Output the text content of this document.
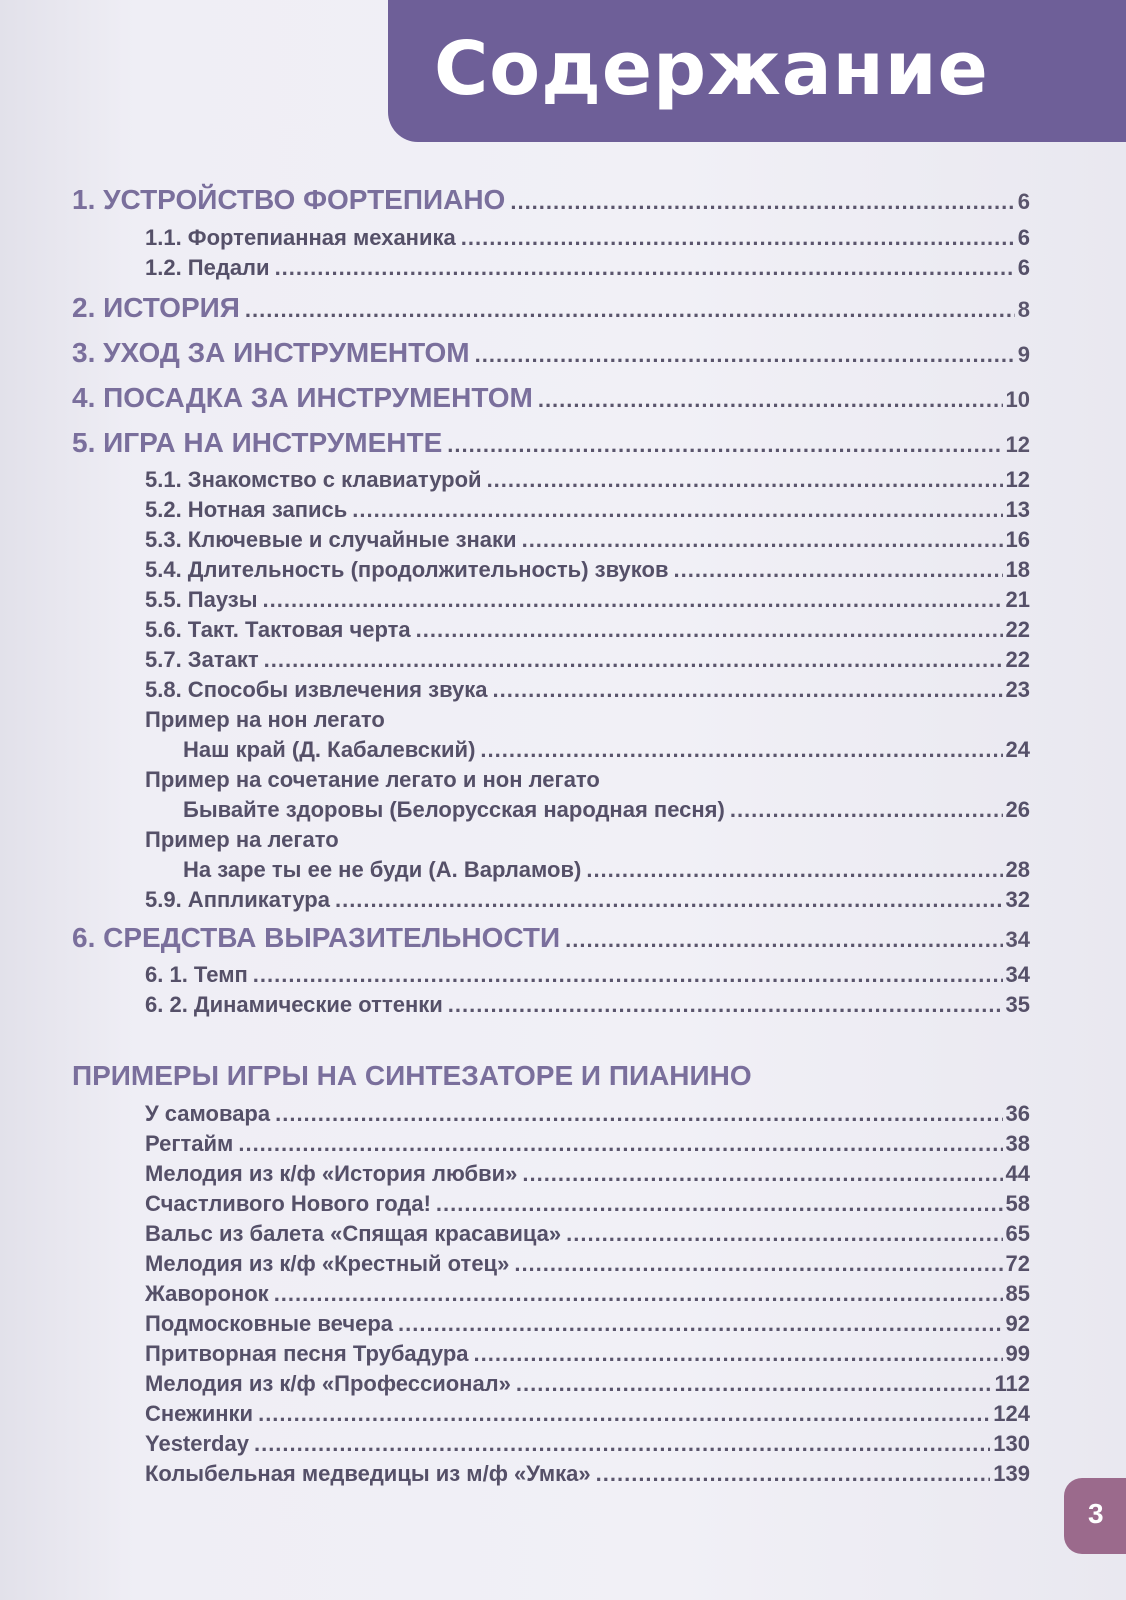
Содержание
1. УСТРОЙСТВО ФОРТЕПИАНО .....	6
1.1. Фортепианная механика .....	6
1.2. Педали .....	6
2. ИСТОРИЯ .....	8
3. УХОД ЗА ИНСТРУМЕНТОМ .....	9
4. ПОСАДКА ЗА ИНСТРУМЕНТОМ .....	10
5. ИГРА НА ИНСТРУМЕНТЕ .....	12
5.1. Знакомство с клавиатурой .....	12
5.2. Нотная запись .....	13
5.3. Ключевые и случайные знаки .....	16
5.4. Длительность (продолжительность) звуков .....	18
5.5. Паузы .....	21
5.6. Такт. Тактовая черта .....	22
5.7. Затакт .....	22
5.8. Способы извлечения звука .....	23
Пример на нон легато
Наш край (Д. Кабалевский) .....	24
Пример на сочетание легато и нон легато
Бывайте здоровы (Белорусская народная песня) .....	26
Пример на легато
На заре ты ее не буди (А. Варламов) .....	28
5.9. Аппликатура .....	32
6. СРЕДСТВА ВЫРАЗИТЕЛЬНОСТИ .....	34
6. 1. Темп .....	34
6. 2. Динамические оттенки .....	35
ПРИМЕРЫ ИГРЫ НА СИНТЕЗАТОРЕ И ПИАНИНО
У самовара .....	36
Регтайм .....	38
Мелодия из к/ф «История любви» .....	44
Счастливого Нового года! .....	58
Вальс из балета «Спящая красавица» .....	65
Мелодия из к/ф «Крестный отец» .....	72
Жаворонок .....	85
Подмосковные вечера .....	92
Притворная песня Трубадура .....	99
Мелодия из к/ф «Профессионал» .....	112
Снежинки .....	124
Yesterday .....	130
Колыбельная медведицы из м/ф «Умка» .....	139
3
